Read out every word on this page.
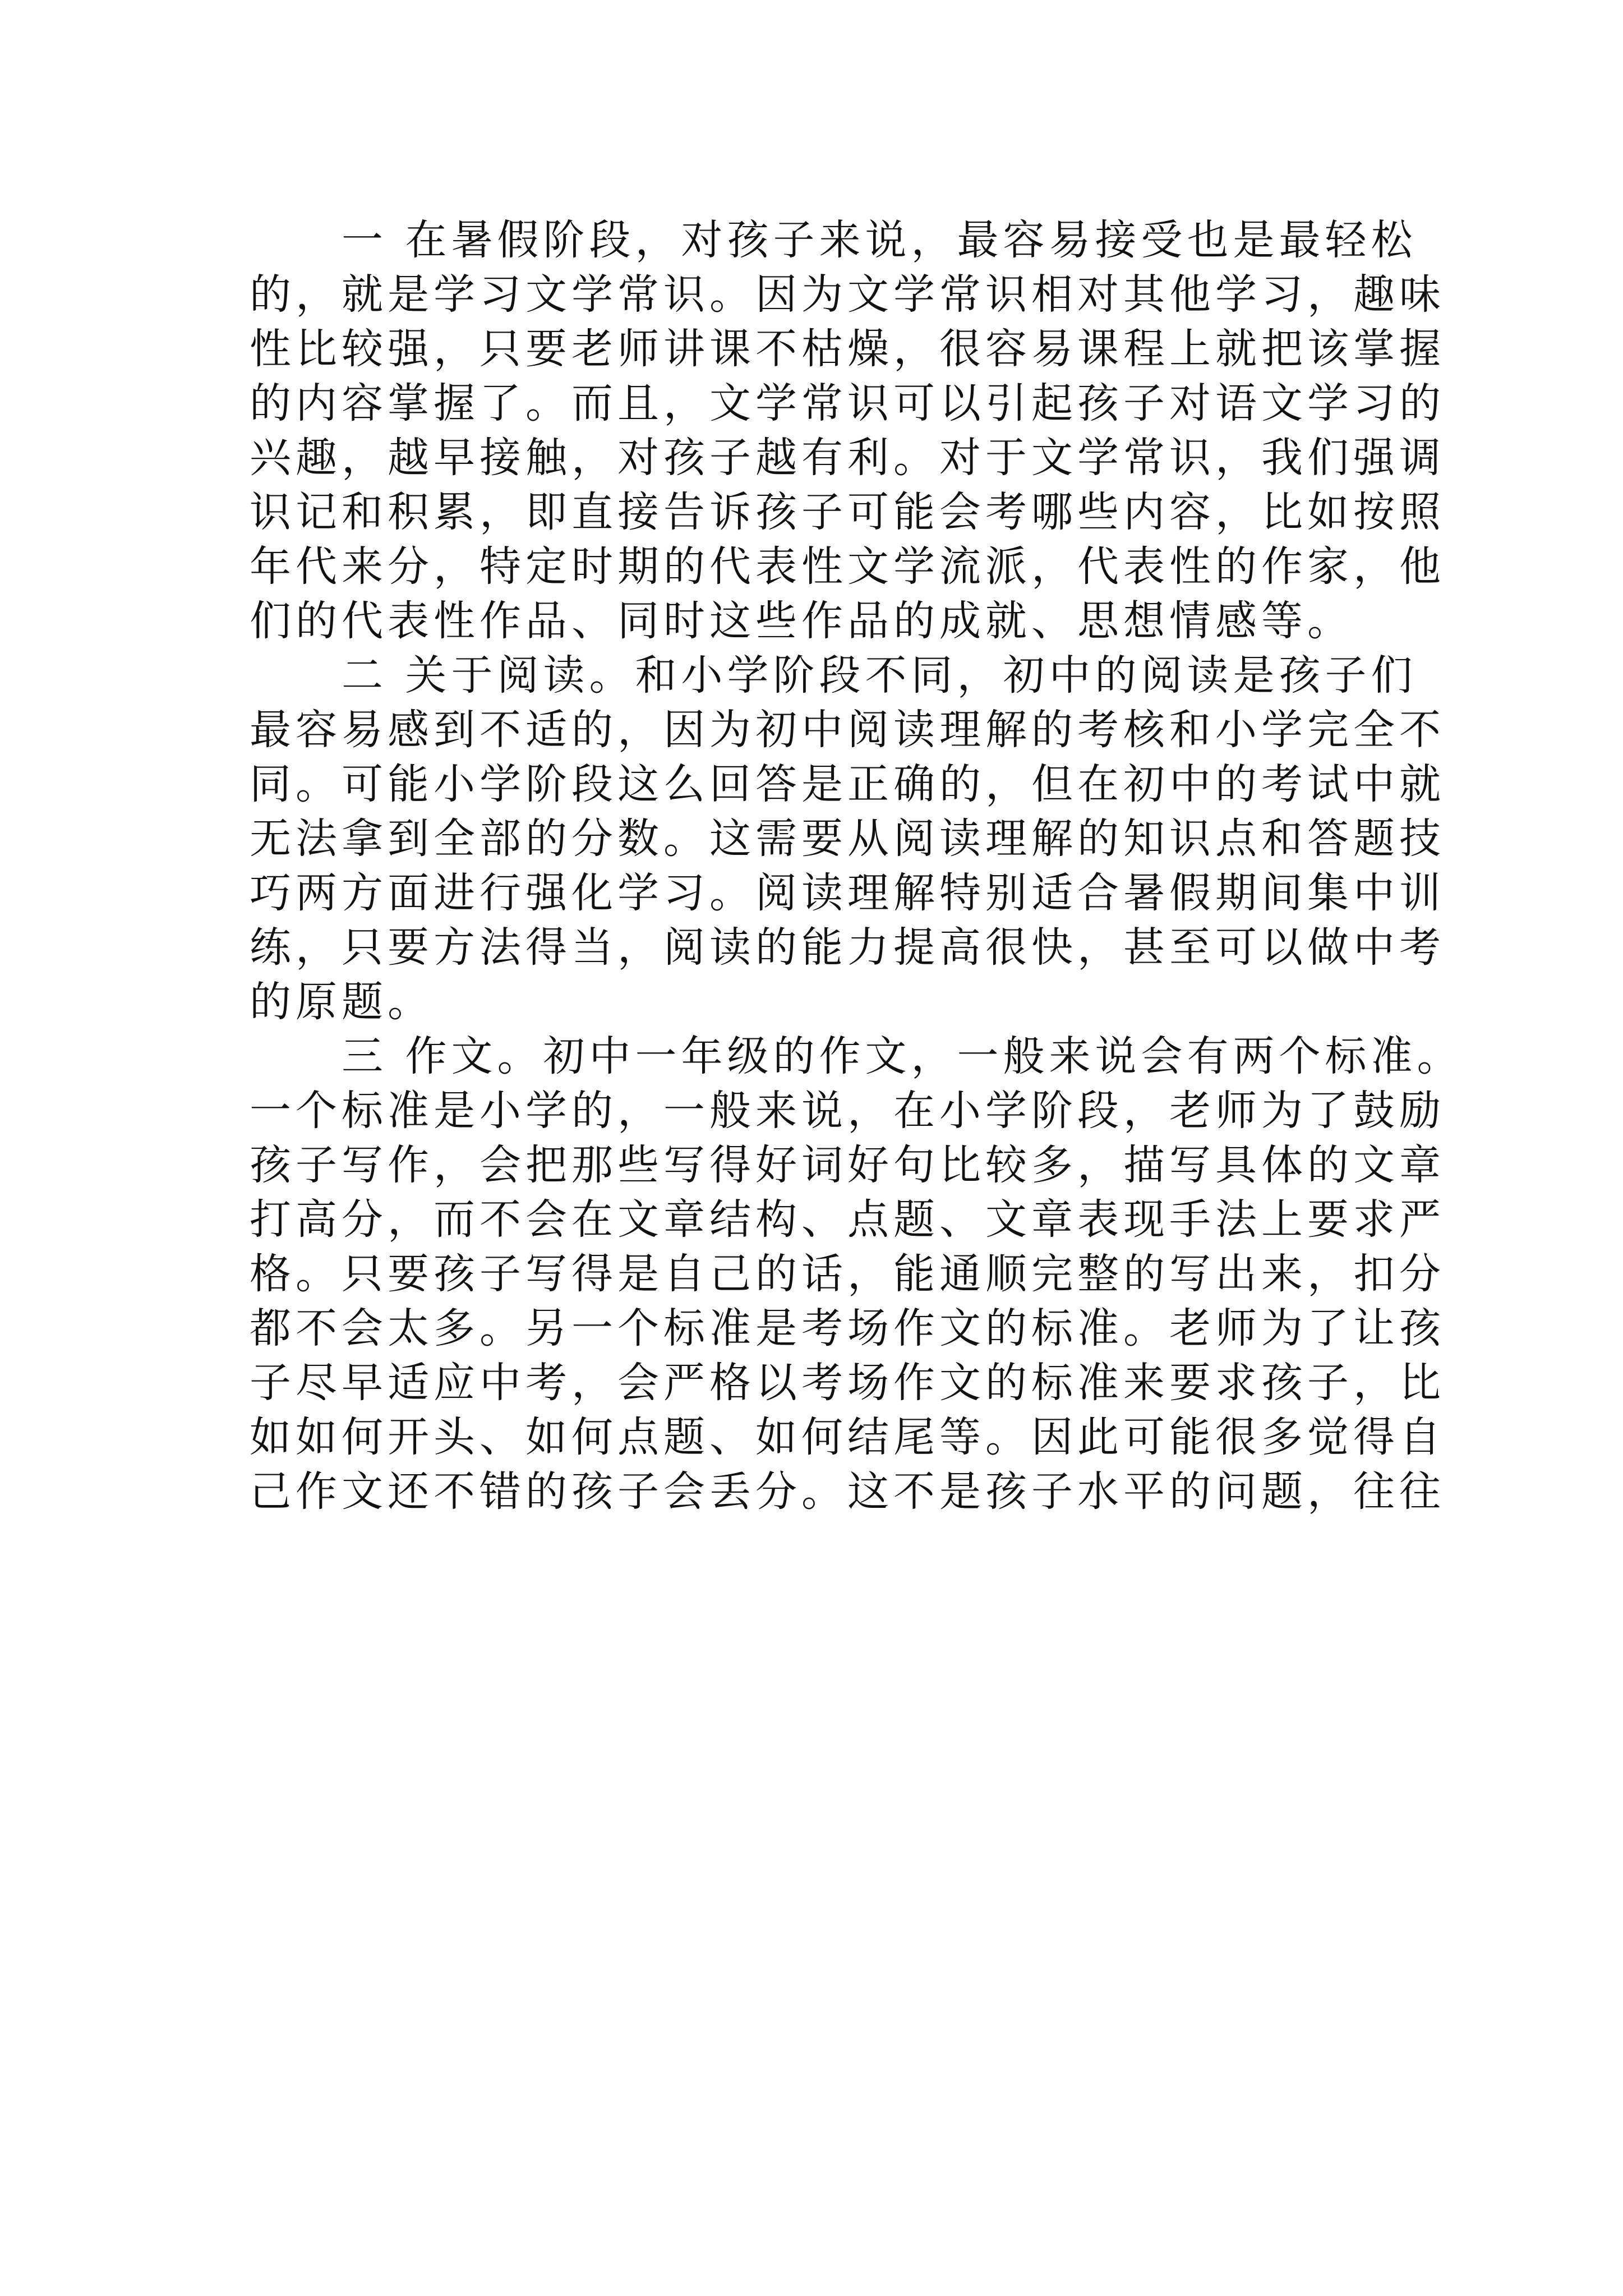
　　一 在暑假阶段，对孩子来说，最容易接受也是最轻松
的，就是学习文学常识。因为文学常识相对其他学习，趣味
性比较强，只要老师讲课不枯燥，很容易课程上就把该掌握
的内容掌握了。而且，文学常识可以引起孩子对语文学习的
兴趣，越早接触，对孩子越有利。对于文学常识，我们强调
识记和积累，即直接告诉孩子可能会考哪些内容，比如按照
年代来分，特定时期的代表性文学流派，代表性的作家，他
们的代表性作品、同时这些作品的成就、思想情感等。
　　二 关于阅读。和小学阶段不同，初中的阅读是孩子们
最容易感到不适的，因为初中阅读理解的考核和小学完全不
同。可能小学阶段这么回答是正确的，但在初中的考试中就
无法拿到全部的分数。这需要从阅读理解的知识点和答题技
巧两方面进行强化学习。阅读理解特别适合暑假期间集中训
练，只要方法得当，阅读的能力提高很快，甚至可以做中考
的原题。
　　三 作文。初中一年级的作文，一般来说会有两个标准。
一个标准是小学的，一般来说，在小学阶段，老师为了鼓励
孩子写作，会把那些写得好词好句比较多，描写具体的文章
打高分，而不会在文章结构、点题、文章表现手法上要求严
格。只要孩子写得是自己的话，能通顺完整的写出来，扣分
都不会太多。另一个标准是考场作文的标准。老师为了让孩
子尽早适应中考，会严格以考场作文的标准来要求孩子，比
如如何开头、如何点题、如何结尾等。因此可能很多觉得自
己作文还不错的孩子会丢分。这不是孩子水平的问题，往往
